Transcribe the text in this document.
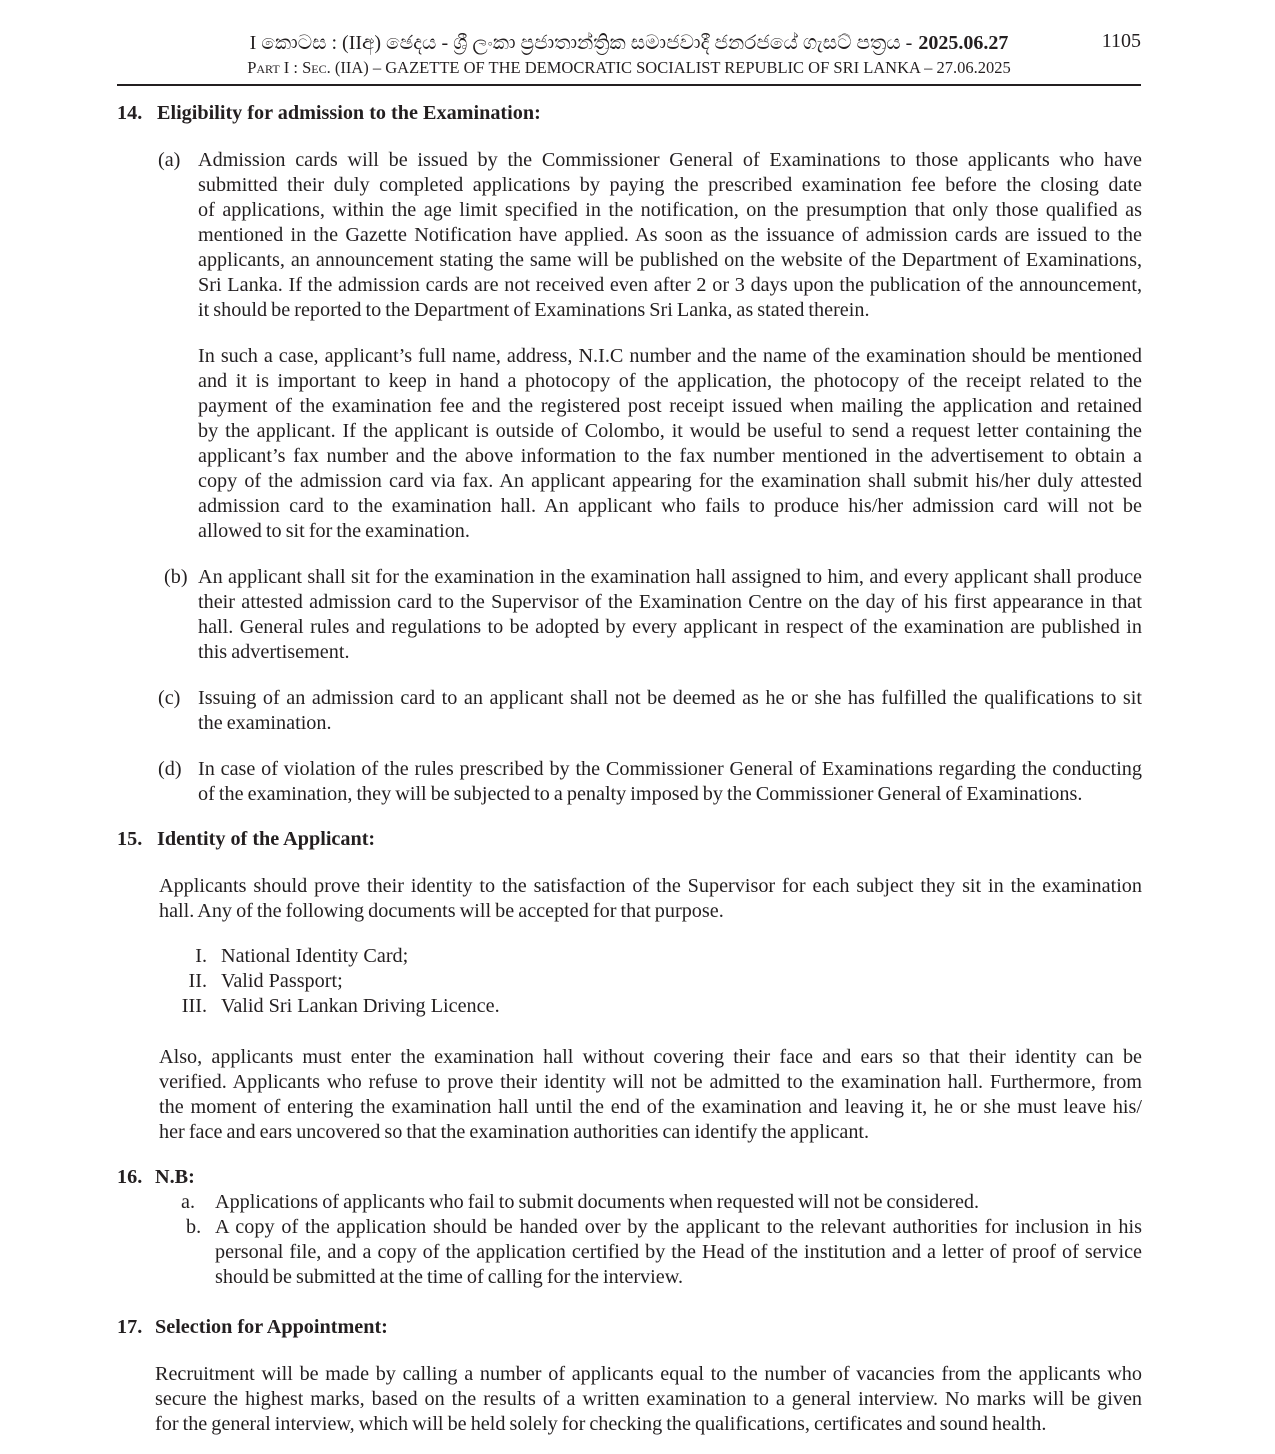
I කොටස : (IIඅ) ඡෙදය - ශ්‍රී ලංකා ප්‍රජාතාන්ත්‍රික සමාජවාදී ජනරජයේ ගැසට් පත්‍රය - 2025.06.27	1105
Part I : Sec. (IIA) – GAZETTE OF THE DEMOCRATIC SOCIALIST REPUBLIC OF SRI LANKA – 27.06.2025
14. Eligibility for admission to the Examination:
(a) Admission cards will be issued by the Commissioner General of Examinations to those applicants who have
submitted their duly completed applications by paying the prescribed examination fee before the closing date
of applications, within the age limit specified in the notification, on the presumption that only those qualified as
mentioned in the Gazette Notification have applied. As soon as the issuance of admission cards are issued to the
applicants, an announcement stating the same will be published on the website of the Department of Examinations,
Sri Lanka. If the admission cards are not received even after 2 or 3 days upon the publication of the announcement,
it should be reported to the Department of Examinations Sri Lanka, as stated therein.
In such a case, applicant’s full name, address, N.I.C number and the name of the examination should be mentioned
and it is important to keep in hand a photocopy of the application, the photocopy of the receipt related to the
payment of the examination fee and the registered post receipt issued when mailing the application and retained
by the applicant. If the applicant is outside of Colombo, it would be useful to send a request letter containing the
applicant’s fax number and the above information to the fax number mentioned in the advertisement to obtain a
copy of the admission card via fax. An applicant appearing for the examination shall submit his/her duly attested
admission card to the examination hall. An applicant who fails to produce his/her admission card will not be
allowed to sit for the examination.
(b) An applicant shall sit for the examination in the examination hall assigned to him, and every applicant shall produce
their attested admission card to the Supervisor of the Examination Centre on the day of his first appearance in that
hall. General rules and regulations to be adopted by every applicant in respect of the examination are published in
this advertisement.
(c) Issuing of an admission card to an applicant shall not be deemed as he or she has fulfilled the qualifications to sit
the examination.
(d) In case of violation of the rules prescribed by the Commissioner General of Examinations regarding the conducting
of the examination, they will be subjected to a penalty imposed by the Commissioner General of Examinations.
15. Identity of the Applicant:
Applicants should prove their identity to the satisfaction of the Supervisor for each subject they sit in the examination
hall. Any of the following documents will be accepted for that purpose.
I. National Identity Card;
II. Valid Passport;
III. Valid Sri Lankan Driving Licence.
Also, applicants must enter the examination hall without covering their face and ears so that their identity can be
verified. Applicants who refuse to prove their identity will not be admitted to the examination hall. Furthermore, from
the moment of entering the examination hall until the end of the examination and leaving it, he or she must leave his/
her face and ears uncovered so that the examination authorities can identify the applicant.
16. N.B:
a. Applications of applicants who fail to submit documents when requested will not be considered.
b. A copy of the application should be handed over by the applicant to the relevant authorities for inclusion in his
personal file, and a copy of the application certified by the Head of the institution and a letter of proof of service
should be submitted at the time of calling for the interview.
17. Selection for Appointment:
Recruitment will be made by calling a number of applicants equal to the number of vacancies from the applicants who
secure the highest marks, based on the results of a written examination to a general interview. No marks will be given
for the general interview, which will be held solely for checking the qualifications, certificates and sound health.
